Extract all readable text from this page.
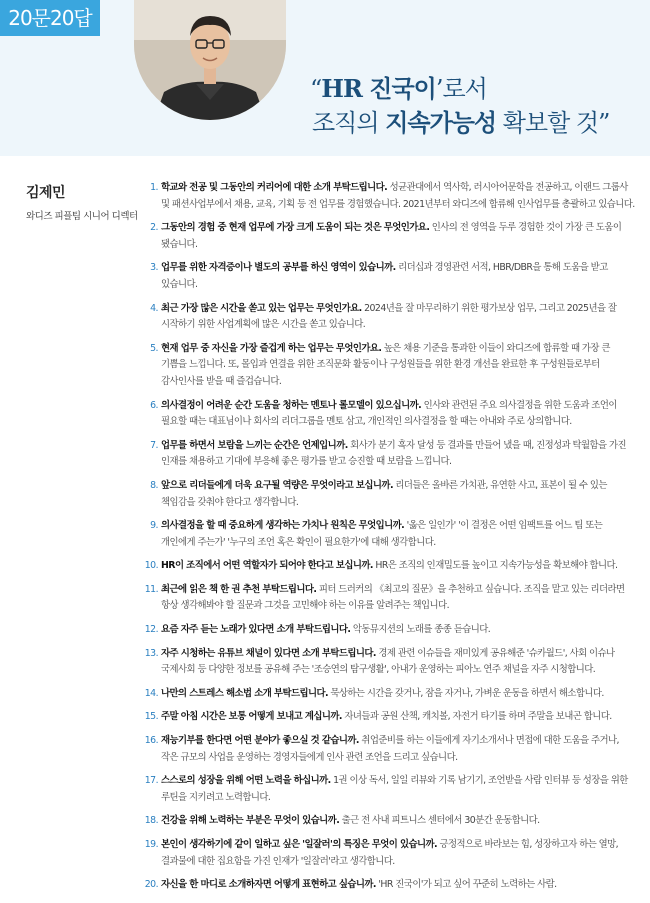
20문20답
“HR 진국이’로서
조직의 지속가능성 확보할 것”
김제민
와디즈 피플팀 시니어 디렉터
1. 학교와 전공 및 그동안의 커리어에 대한 소개 부탁드립니다. 성균관대에서 역사학, 러시아어문학을 전공하고, 이랜드 그룹사 및 패션사업부에서 채용, 교육, 기획 등 전 업무를 경험했습니다. 2021년부터 와디즈에 합류해 인사업무를 총괄하고 있습니다.
2. 그동안의 경험 중 현재 업무에 가장 크게 도움이 되는 것은 무엇인가요. 인사의 전 영역을 두루 경험한 것이 가장 큰 도움이 됐습니다.
3. 업무를 위한 자격증이나 별도의 공부를 하신 영역이 있습니까. 리더십과 경영관련 서적, HBR/DBR을 통해 도움을 받고 있습니다.
4. 최근 가장 많은 시간을 쏟고 있는 업무는 무엇인가요. 2024년을 잘 마무리하기 위한 평가보상 업무, 그리고 2025년을 잘 시작하기 위한 사업계획에 많은 시간을 쏟고 있습니다.
5. 현재 업무 중 자신을 가장 즐겁게 하는 업무는 무엇인가요. 높은 채용 기준을 통과한 이들이 와디즈에 합류할 때 가장 큰 기쁨을 느낍니다. 또, 몰입과 연결을 위한 조직문화 활동이나 구성원들을 위한 환경 개선을 완료한 후 구성원들로부터 감사인사를 받을 때 즐겁습니다.
6. 의사결정이 어려운 순간 도움을 청하는 멘토나 롤모델이 있으십니까. 인사와 관련된 주요 의사결정을 위한 도움과 조언이 필요할 때는 대표님이나 회사의 리더그룹을 멘토 삼고, 개인적인 의사결정을 할 때는 아내와 주로 상의합니다.
7. 업무를 하면서 보람을 느끼는 순간은 언제입니까. 회사가 분기 흑자 달성 등 결과를 만들어 냈을 때, 진정성과 탁월함을 가진 인재를 채용하고 기대에 부응해 좋은 평가를 받고 승진할 때 보람을 느낍니다.
8. 앞으로 리더들에게 더욱 요구될 역량은 무엇이라고 보십니까. 리더들은 올바른 가치관, 유연한 사고, 표본이 될 수 있는 책임감을 갖춰야 한다고 생각합니다.
9. 의사결정을 할 때 중요하게 생각하는 가치나 원칙은 무엇입니까. '옳은 일인가' '이 결정은 어떤 임팩트를 어느 팀 또는 개인에게 주는가' '누구의 조언 혹은 확인이 필요한가'에 대해 생각합니다.
10. HR이 조직에서 어떤 역할자가 되어야 한다고 보십니까. HR은 조직의 인재밀도를 높이고 지속가능성을 확보해야 합니다.
11. 최근에 읽은 책 한 권 추천 부탁드립니다. 피터 드러커의 《최고의 질문》을 추천하고 싶습니다. 조직을 맡고 있는 리더라면 항상 생각해봐야 할 질문과 그것을 고민해야 하는 이유를 알려주는 책입니다.
12. 요즘 자주 듣는 노래가 있다면 소개 부탁드립니다. 악동뮤지션의 노래를 종종 듣습니다.
13. 자주 시청하는 유튜브 채널이 있다면 소개 부탁드립니다. 경제 관련 이슈들을 재미있게 공유해준 '슈카월드', 사회 이슈나 국제사회 등 다양한 정보를 공유해 주는 '조승연의 탐구생활', 아내가 운영하는 피아노 연주 채널을 자주 시청합니다.
14. 나만의 스트레스 해소법 소개 부탁드립니다. 묵상하는 시간을 갖거나, 잠을 자거나, 가벼운 운동을 하면서 해소합니다.
15. 주말 아침 시간은 보통 어떻게 보내고 계십니까. 자녀들과 공원 산책, 캐치볼, 자전거 타기를 하며 주말을 보내곤 합니다.
16. 재능기부를 한다면 어떤 분야가 좋으실 것 같습니까. 취업준비를 하는 이들에게 자기소개서나 면접에 대한 도움을 주거나, 작은 규모의 사업을 운영하는 경영자들에게 인사 관련 조언을 드리고 싶습니다.
17. 스스로의 성장을 위해 어떤 노력을 하십니까. 1권 이상 독서, 일일 리뷰와 기록 남기기, 조언받을 사람 인터뷰 등 성장을 위한 루틴을 지키려고 노력합니다.
18. 건강을 위해 노력하는 부분은 무엇이 있습니까. 출근 전 사내 피트니스 센터에서 30분간 운동합니다.
19. 본인이 생각하기에 같이 일하고 싶은 '일잘러'의 특징은 무엇이 있습니까. 긍정적으로 바라보는 힘, 성장하고자 하는 열망, 결과물에 대한 집요함을 가진 인재가 '일잘러'라고 생각합니다.
20. 자신을 한 마디로 소개하자면 어떻게 표현하고 싶습니까. 'HR 진국이'가 되고 싶어 꾸준히 노력하는 사람.
